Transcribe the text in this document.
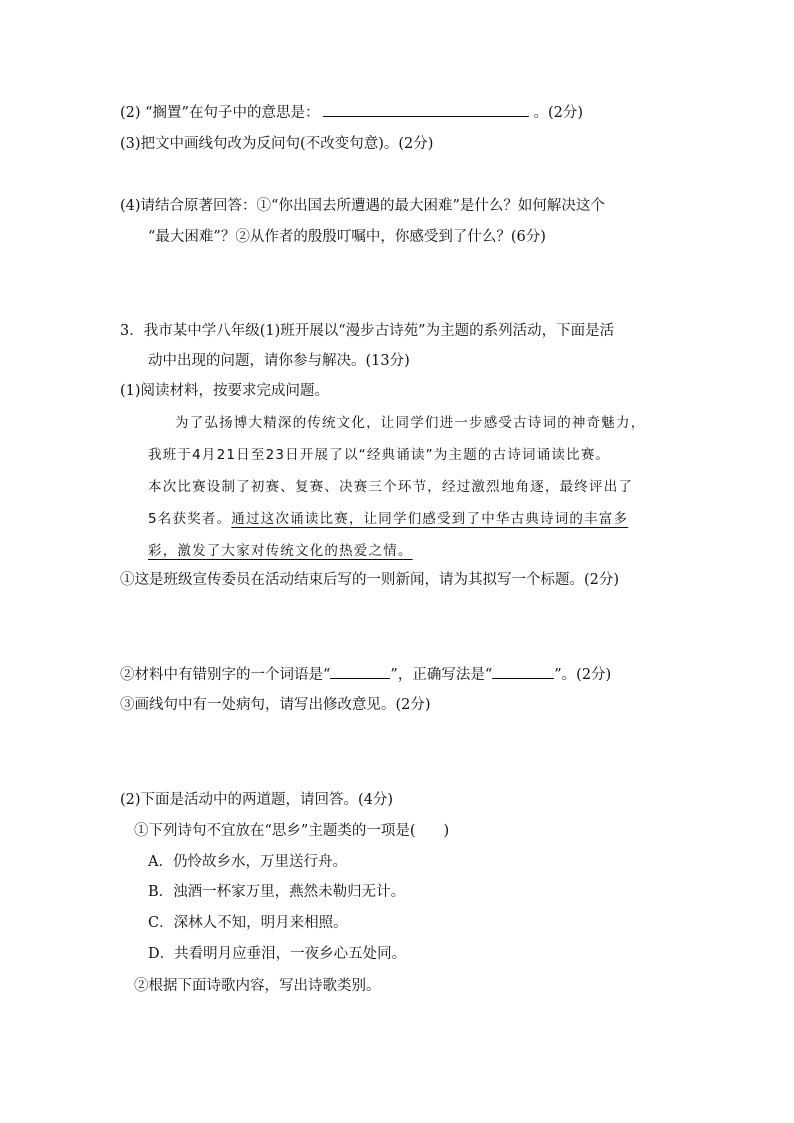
(2) “搁置”在句子中的意思是：	。(2分)
(3)把文中画线句改为反问句(不改变句意)。(2分)
(4)请结合原著回答：①“你出国去所遭遇的最大困难”是什么？如何解决这个
“最大困难”？②从作者的殷殷叮嘱中，你感受到了什么？(6分)
3．我市某中学八年级(1)班开展以“漫步古诗苑”为主题的系列活动，下面是活
动中出现的问题，请你参与解决。(13分)
(1)阅读材料，按要求完成问题。
为了弘扬博大精深的传统文化，让同学们进一步感受古诗词的神奇魅力，
我班于4月21日至23日开展了以“经典诵读”为主题的古诗词诵读比赛。
本次比赛设制了初赛、复赛、决赛三个环节，经过激烈地角逐，最终评出了
5名获奖者。通过这次诵读比赛，让同学们感受到了中华古典诗词的丰富多
彩，激发了大家对传统文化的热爱之情。
①这是班级宣传委员在活动结束后写的一则新闻，请为其拟写一个标题。(2分)
②材料中有错别字的一个词语是“	”，正确写法是“	”。(2分)
③画线句中有一处病句，请写出修改意见。(2分)
(2)下面是活动中的两道题，请回答。(4分)
①下列诗句不宜放在“思乡”主题类的一项是( )
A．仍怜故乡水，万里送行舟。
B．浊酒一杯家万里，燕然未勒归无计。
C．深林人不知，明月来相照。
D．共看明月应垂泪，一夜乡心五处同。
②根据下面诗歌内容，写出诗歌类别。
